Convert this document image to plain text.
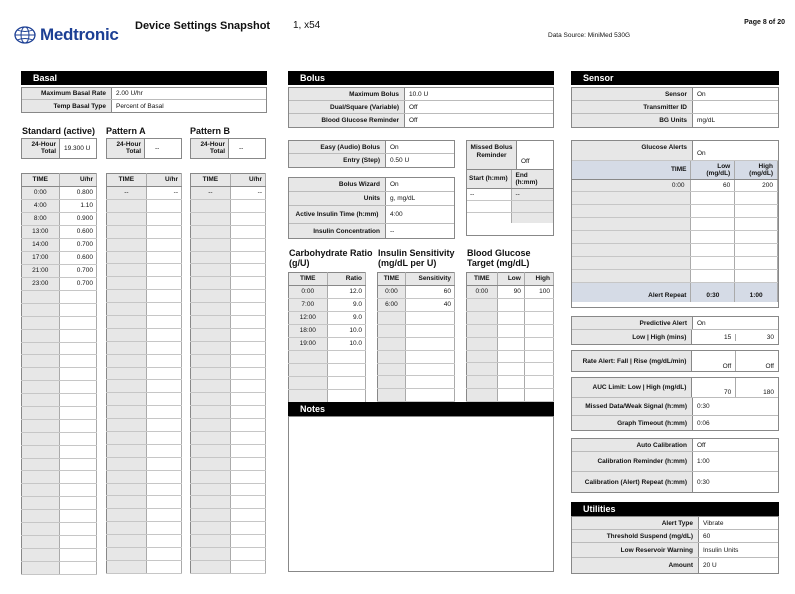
Medtronic Device Settings Snapshot 1, x54	Page 8 of 20
Data Source: MiniMed 530G
Basal
Maximum Basal Rate	2.00 U/hr
Temp Basal Type	Percent of Basal
Standard (active) Pattern A	Pattern B
24-Hour Total	19.300 U
24-Hour Total	--
24-Hour Total	--
TIME	U/hr
0:00	0.800
4:00	1.10
8:00	0.900
13:00	0.600
14:00	0.700
17:00	0.600
21:00	0.700
23:00	0.700

TIME	U/hr
--	--

TIME	U/hr
--	--

Bolus
Maximum Bolus	10.0 U
Dual/Square (Variable)	Off
Blood Glucose Reminder	Off
Easy (Audio) Bolus	On
Entry (Step)	0.50 U
Bolus Wizard	On
Units	g, mg/dL
Active Insulin Time (h:mm)	4:00
Insulin Concentration	--
Missed Bolus Reminder
Off
Start (h:mm)	End (h:mm)
--	--

Carbohydrate Ratio (g/U)
Insulin Sensitivity (mg/dL per U)
Blood Glucose Target (mg/dL)
TIME	Ratio
0:00	12.0
7:00	9.0
12:00	9.0
18:00	10.0
19:00	10.0

TIME	Sensitivity
0:00	60
6:00	40

TIME	Low	High
0:00	90	100

Notes
Sensor
Sensor	On
Transmitter ID
BG Units	mg/dL
Glucose Alerts
On
TIME	Low (mg/dL)	High (mg/dL)
0:00	60	200

Alert Repeat	0:30	1:00
Predictive Alert	On
Low | High (mins)	15	30
Rate Alert: Fall | Rise (mg/dL/min)
Off	Off
AUC Limit: Low | High (mg/dL)
70	180
Missed Data/Weak Signal (h:mm)	0:30
Graph Timeout (h:mm)	0:06
Auto Calibration	Off
Calibration Reminder (h:mm)	1:00
Calibration (Alert) Repeat (h:mm)	0:30
Utilities
Alert Type	Vibrate
Threshold Suspend (mg/dL)	60
Low Reservoir Warning	Insulin Units
Amount	20 U
